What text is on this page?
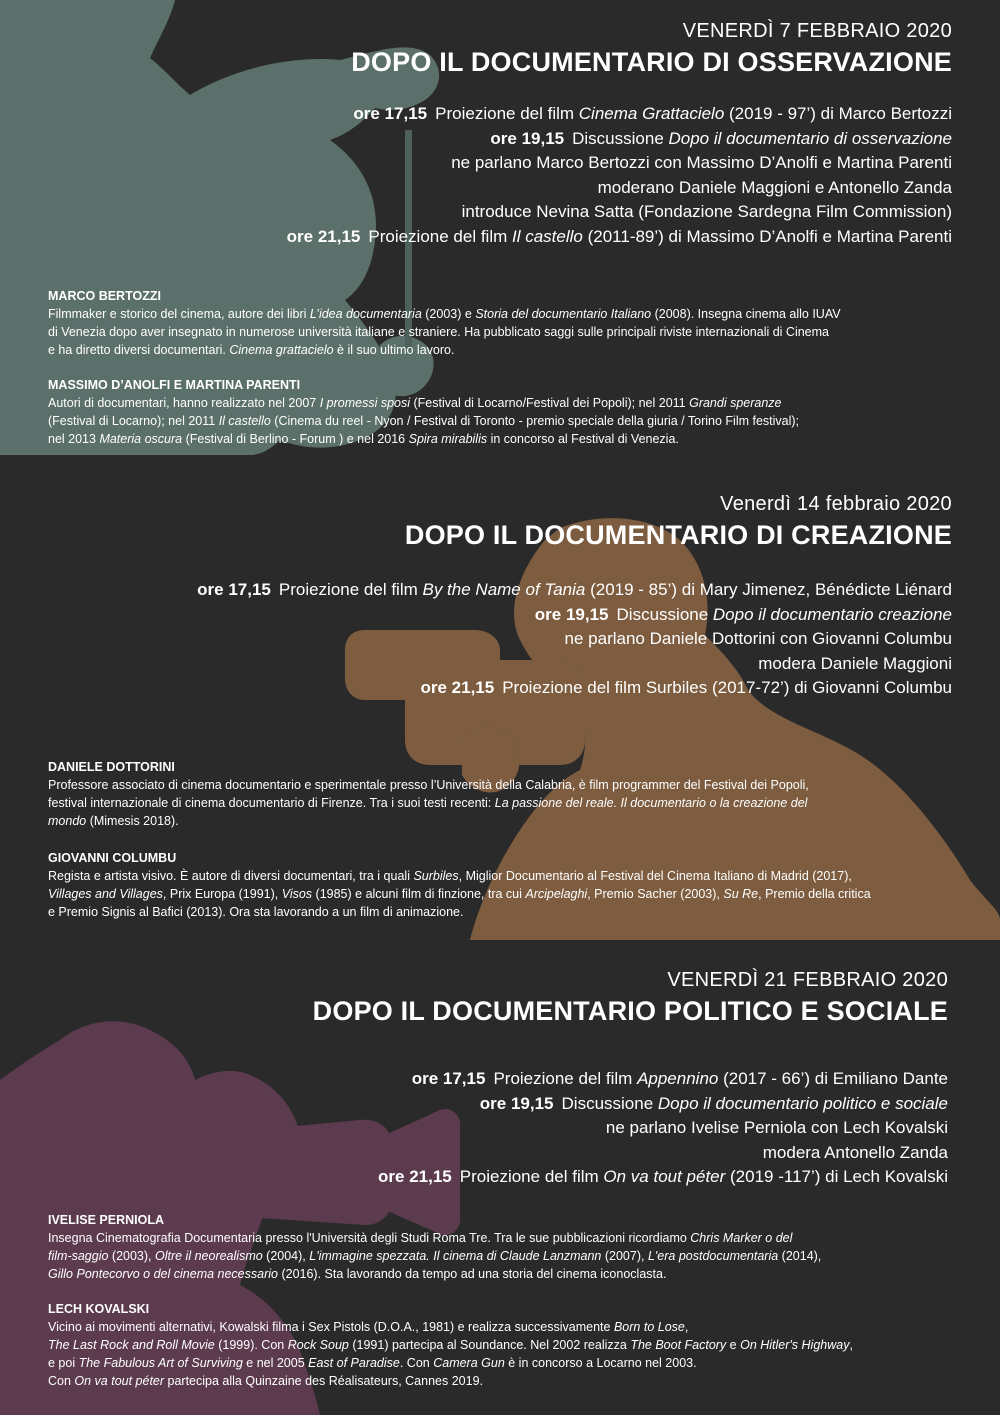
VENERDÌ 7 FEBBRAIO 2020
DOPO IL DOCUMENTARIO DI OSSERVAZIONE
ore 17,15 Proiezione del film Cinema Grattacielo (2019 - 97’) di Marco Bertozzi
ore 19,15 Discussione Dopo il documentario di osservazione
ne parlano Marco Bertozzi con Massimo D’Anolfi e Martina Parenti
moderano Daniele Maggioni e Antonello Zanda
introduce Nevina Satta (Fondazione Sardegna Film Commission)
ore 21,15 Proiezione del film Il castello (2011-89’) di Massimo D’Anolfi e Martina Parenti
MARCO BERTOZZI

Filmmaker e storico del cinema, autore dei libri L’idea documentaria (2003) e Storia del documentario Italiano (2008). Insegna cinema allo IUAV

di Venezia dopo aver insegnato in numerose università italiane e straniere. Ha pubblicato saggi sulle principali riviste internazionali di Cinema

e ha diretto diversi documentari. Cinema grattacielo è il suo ultimo lavoro.

MASSIMO D’ANOLFI E MARTINA PARENTI

Autori di documentari, hanno realizzato nel 2007 I promessi sposi (Festival di Locarno/Festival dei Popoli); nel 2011 Grandi speranze

(Festival di Locarno); nel 2011 Il castello (Cinema du reel - Nyon / Festival di Toronto - premio speciale della giuria / Torino Film festival);

nel 2013 Materia oscura (Festival di Berlino - Forum ) e nel 2016 Spira mirabilis in concorso al Festival di Venezia.

Venerdì 14 febbraio 2020
DOPO IL DOCUMENTARIO DI CREAZIONE
ore 17,15 Proiezione del film By the Name of Tania (2019 - 85’) di Mary Jimenez, Bénédicte Liénard
ore 19,15 Discussione Dopo il documentario creazione
ne parlano Daniele Dottorini con Giovanni Columbu
modera Daniele Maggioni
ore 21,15 Proiezione del film Surbiles (2017-72’) di Giovanni Columbu
DANIELE DOTTORINI

Professore associato di cinema documentario e sperimentale presso l’Università della Calabria, è film programmer del Festival dei Popoli,

festival internazionale di cinema documentario di Firenze. Tra i suoi testi recenti: La passione del reale. Il documentario o la creazione del

mondo (Mimesis 2018).

GIOVANNI COLUMBU

Regista e artista visivo. È autore di diversi documentari, tra i quali Surbiles, Miglior Documentario al Festival del Cinema Italiano di Madrid (2017),

Villages and Villages, Prix Europa (1991), Visos (1985) e alcuni film di finzione, tra cui Arcipelaghi, Premio Sacher (2003), Su Re, Premio della critica

e Premio Signis al Bafici (2013). Ora sta lavorando a un film di animazione.

VENERDÌ 21 FEBBRAIO 2020
DOPO IL DOCUMENTARIO POLITICO E SOCIALE
ore 17,15 Proiezione del film Appennino (2017 - 66’) di Emiliano Dante
ore 19,15 Discussione Dopo il documentario politico e sociale
ne parlano Ivelise Perniola con Lech Kovalski
modera Antonello Zanda
ore 21,15 Proiezione del film On va tout péter (2019 -117’) di Lech Kovalski
IVELISE PERNIOLA

Insegna Cinematografia Documentaria presso l'Università degli Studi Roma Tre. Tra le sue pubblicazioni ricordiamo Chris Marker o del

film-saggio (2003), Oltre il neorealismo (2004), L'immagine spezzata. Il cinema di Claude Lanzmann (2007), L'era postdocumentaria (2014),

Gillo Pontecorvo o del cinema necessario (2016). Sta lavorando da tempo ad una storia del cinema iconoclasta.

LECH KOVALSKI

Vicino ai movimenti alternativi, Kowalski filma i Sex Pistols (D.O.A., 1981) e realizza successivamente Born to Lose,

The Last Rock and Roll Movie (1999). Con Rock Soup (1991) partecipa al Soundance. Nel 2002 realizza The Boot Factory e On Hitler's Highway,

e poi The Fabulous Art of Surviving e nel 2005 East of Paradise. Con Camera Gun è in concorso a Locarno nel 2003.

Con On va tout péter partecipa alla Quinzaine des Réalisateurs, Cannes 2019.
